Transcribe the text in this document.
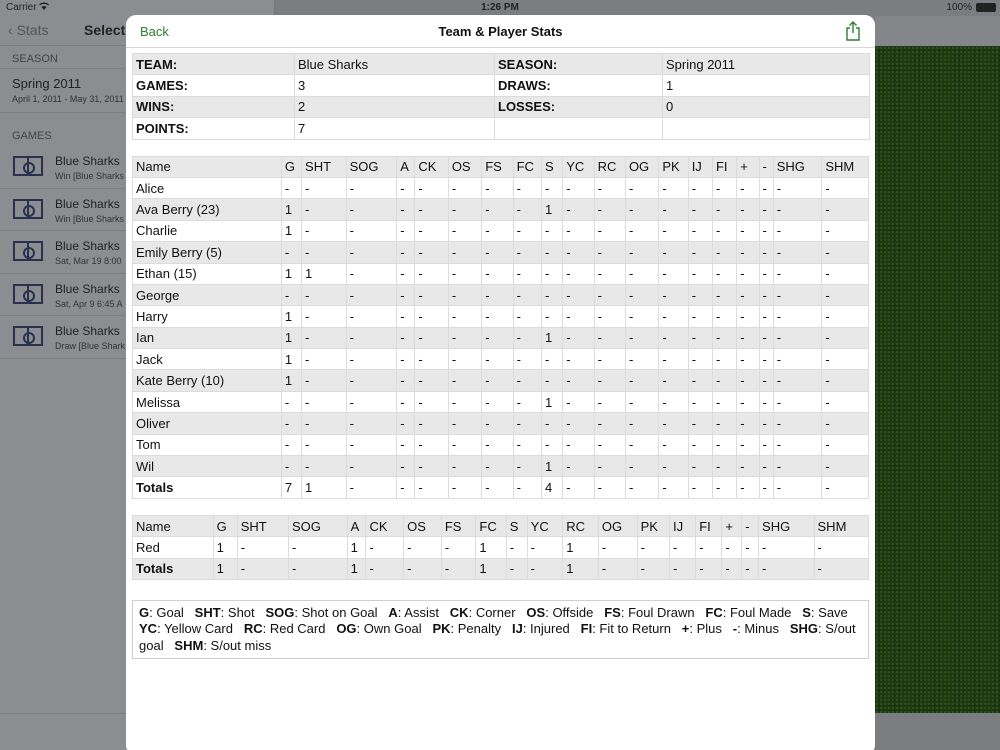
Carrier	1:26 PM	100%
‹ Stats	Select
SEASON
Spring 2011
April 1, 2011 - May 31, 2011
GAMES
Blue Sharks
Win [Blue Sharks
Blue Sharks
Win [Blue Sharks
Blue Sharks
Sat, Mar 19 8:00
Blue Sharks
Sat, Apr 9 6:45 A
Blue Sharks
Draw [Blue Shark
Back	Team & Player Stats
TEAM:	Blue Sharks	SEASON:	Spring 2011
GAMES:	3	DRAWS:	1
WINS:	2	LOSSES:	0
POINTS:	7		
Name	G	SHT	SOG	A	CK	OS	FS	FC	S	YC	RC	OG	PK	IJ	FI	+	-	SHG	SHM
Alice	-	-	-	-	-	-	-	-	-	-	-	-	-	-	-	-	-	-	-
Ava Berry (23)	1	-	-	-	-	-	-	-	1	-	-	-	-	-	-	-	-	-	-
Charlie	1	-	-	-	-	-	-	-	-	-	-	-	-	-	-	-	-	-	-
Emily Berry (5)	-	-	-	-	-	-	-	-	-	-	-	-	-	-	-	-	-	-	-
Ethan (15)	1	1	-	-	-	-	-	-	-	-	-	-	-	-	-	-	-	-	-
George	-	-	-	-	-	-	-	-	-	-	-	-	-	-	-	-	-	-	-
Harry	1	-	-	-	-	-	-	-	-	-	-	-	-	-	-	-	-	-	-
Ian	1	-	-	-	-	-	-	-	1	-	-	-	-	-	-	-	-	-	-
Jack	1	-	-	-	-	-	-	-	-	-	-	-	-	-	-	-	-	-	-
Kate Berry (10)	1	-	-	-	-	-	-	-	-	-	-	-	-	-	-	-	-	-	-
Melissa	-	-	-	-	-	-	-	-	1	-	-	-	-	-	-	-	-	-	-
Oliver	-	-	-	-	-	-	-	-	-	-	-	-	-	-	-	-	-	-	-
Tom	-	-	-	-	-	-	-	-	-	-	-	-	-	-	-	-	-	-	-
Wil	-	-	-	-	-	-	-	-	1	-	-	-	-	-	-	-	-	-	-
Totals	7	1	-	-	-	-	-	-	4	-	-	-	-	-	-	-	-	-	-
Name	G	SHT	SOG	A	CK	OS	FS	FC	S	YC	RC	OG	PK	IJ	FI	+	-	SHG	SHM
Red	1	-	-	1	-	-	-	1	-	-	1	-	-	-	-	-	-	-	-
Totals	1	-	-	1	-	-	-	1	-	-	1	-	-	-	-	-	-	-	-
G: Goal SHT: Shot SOG: Shot on Goal A: Assist CK: Corner OS: Offside FS: Foul Drawn FC: Foul Made S: Save   YC: Yellow Card RC: Red Card OG: Own Goal PK: Penalty IJ: Injured FI: Fit to Return +: Plus -: Minus SHG: S/out goal SHM: S/out miss
